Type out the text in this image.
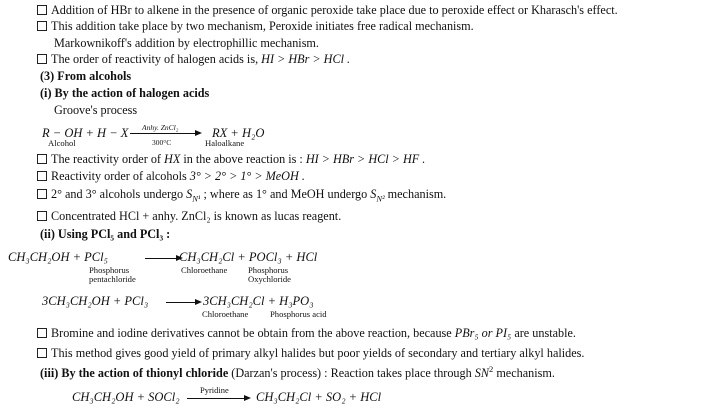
Addition of HBr to alkene in the presence of organic peroxide take place due to peroxide effect or Kharasch's effect.
This addition take place by two mechanism, Peroxide initiates free radical mechanism.
Markownikoff's addition by electrophillic mechanism.
The order of reactivity of halogen acids is, HI > HBr > HCl .
(3) From alcohols
(i) By the action of halogen acids
Groove's process
R − OH + H − X Anhy. ZnCl₂
300°C
RX + H₂O
Alcohol	Haloalkane
The reactivity order of HX in the above reaction is : HI > HBr > HCl > HF .
Reactivity order of alcohols 3° > 2° > 1° > MeOH .
2° and 3° alcohols undergo $S_{N^1}$ ; where as 1° and MeOH undergo $S_{N^2}$ mechanism.
Concentrated HCl + anhy. ZnCl₂ is known as lucas reagent.
(ii) Using PCl₅ and PCl₃ :
CH₃CH₂OH + PCl₅	CH₃CH₂Cl + POCl₃ + HCl
Phosphorus
pentachloride
Chloroethane Phosphorus
Oxychloride
3CH₃CH₂OH + PCl₃	3CH₃CH₂Cl + H₃PO₃
Chloroethane	Phosphorus acid
Bromine and iodine derivatives cannot be obtain from the above reaction, because PBr₅ or PI₅ are unstable.
This method gives good yield of primary alkyl halides but poor yields of secondary and tertiary alkyl halides.
(iii) By the action of thionyl chloride (Darzan's process) : Reaction takes place through $SN^2$ mechanism.
CH₃CH₂OH + SOCl₂ Pyridine CH₃CH₂Cl + SO₂ + HCl
